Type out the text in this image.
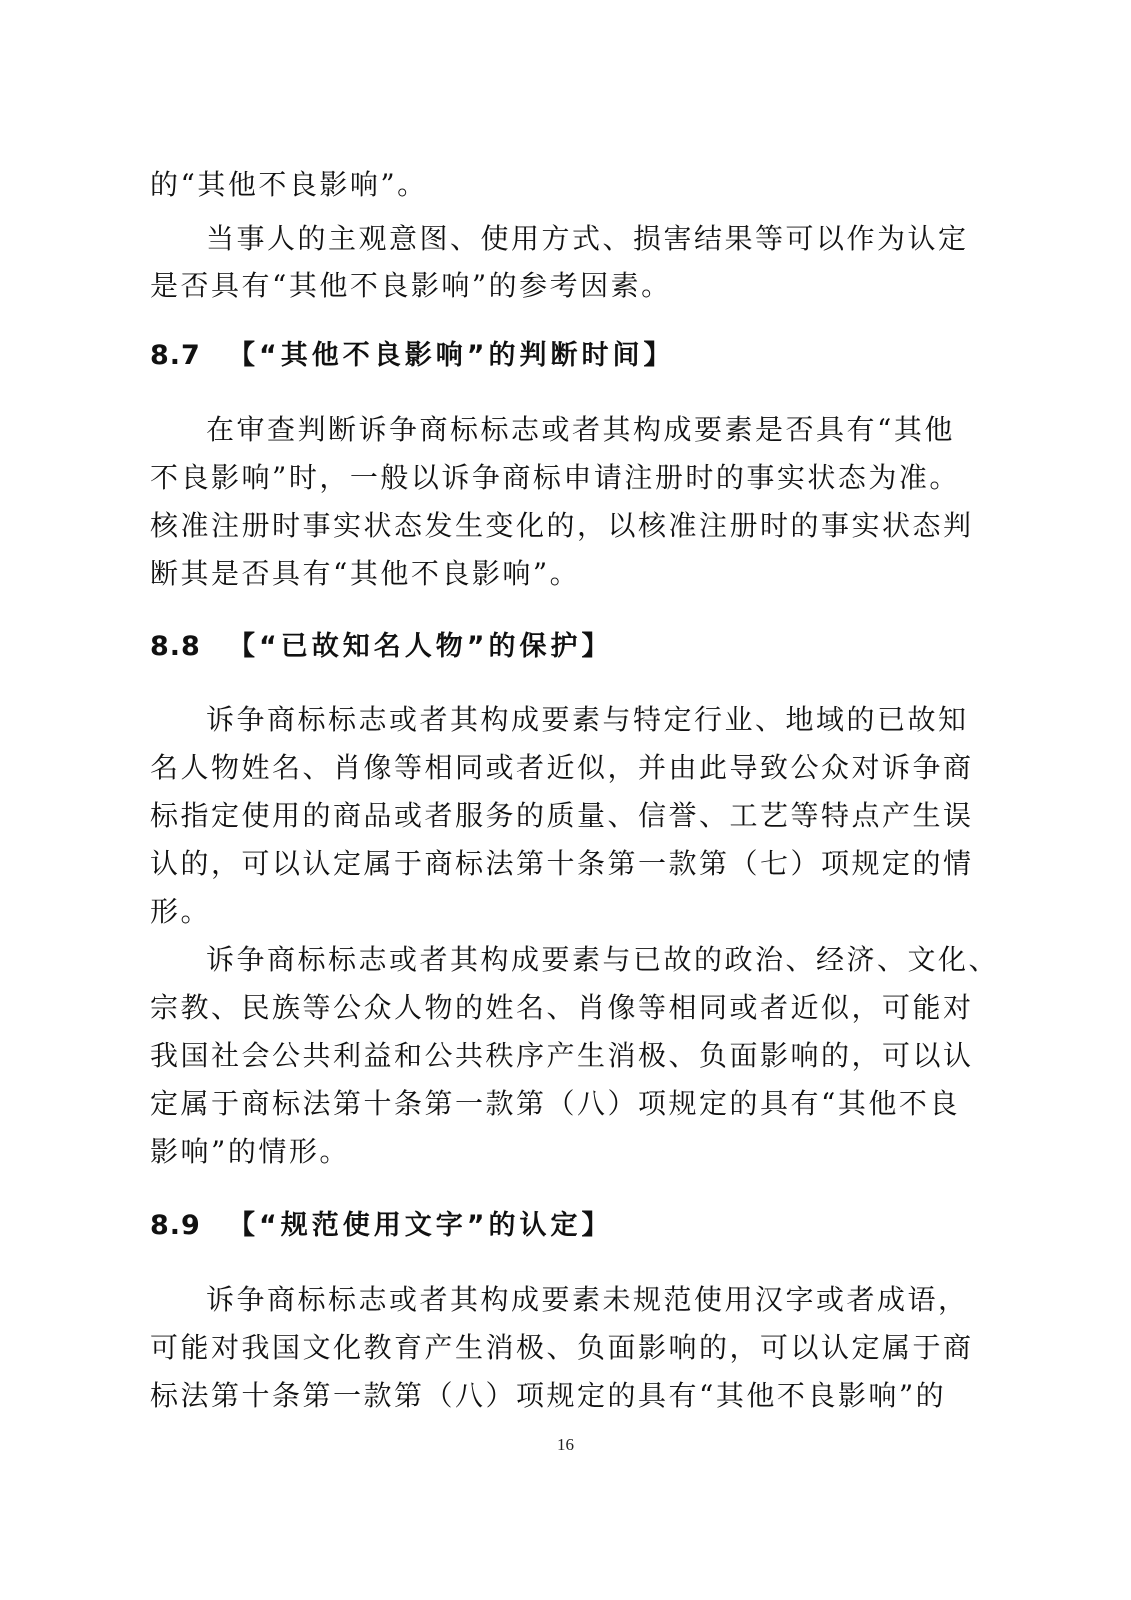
的“其他不良影响”。
当事人的主观意图、使用方式、损害结果等可以作为认定
是否具有“其他不良影响”的参考因素。
8.7 【“其他不良影响”的判断时间】
在审查判断诉争商标标志或者其构成要素是否具有“其他
不良影响”时，一般以诉争商标申请注册时的事实状态为准。
核准注册时事实状态发生变化的，以核准注册时的事实状态判
断其是否具有“其他不良影响”。
8.8 【“已故知名人物”的保护】
诉争商标标志或者其构成要素与特定行业、地域的已故知
名人物姓名、肖像等相同或者近似，并由此导致公众对诉争商
标指定使用的商品或者服务的质量、信誉、工艺等特点产生误
认的，可以认定属于商标法第十条第一款第（七）项规定的情
形。
诉争商标标志或者其构成要素与已故的政治、经济、文化、
宗教、民族等公众人物的姓名、肖像等相同或者近似，可能对
我国社会公共利益和公共秩序产生消极、负面影响的，可以认
定属于商标法第十条第一款第（八）项规定的具有“其他不良
影响”的情形。
8.9 【“规范使用文字”的认定】
诉争商标标志或者其构成要素未规范使用汉字或者成语，
可能对我国文化教育产生消极、负面影响的，可以认定属于商
标法第十条第一款第（八）项规定的具有“其他不良影响”的
16
